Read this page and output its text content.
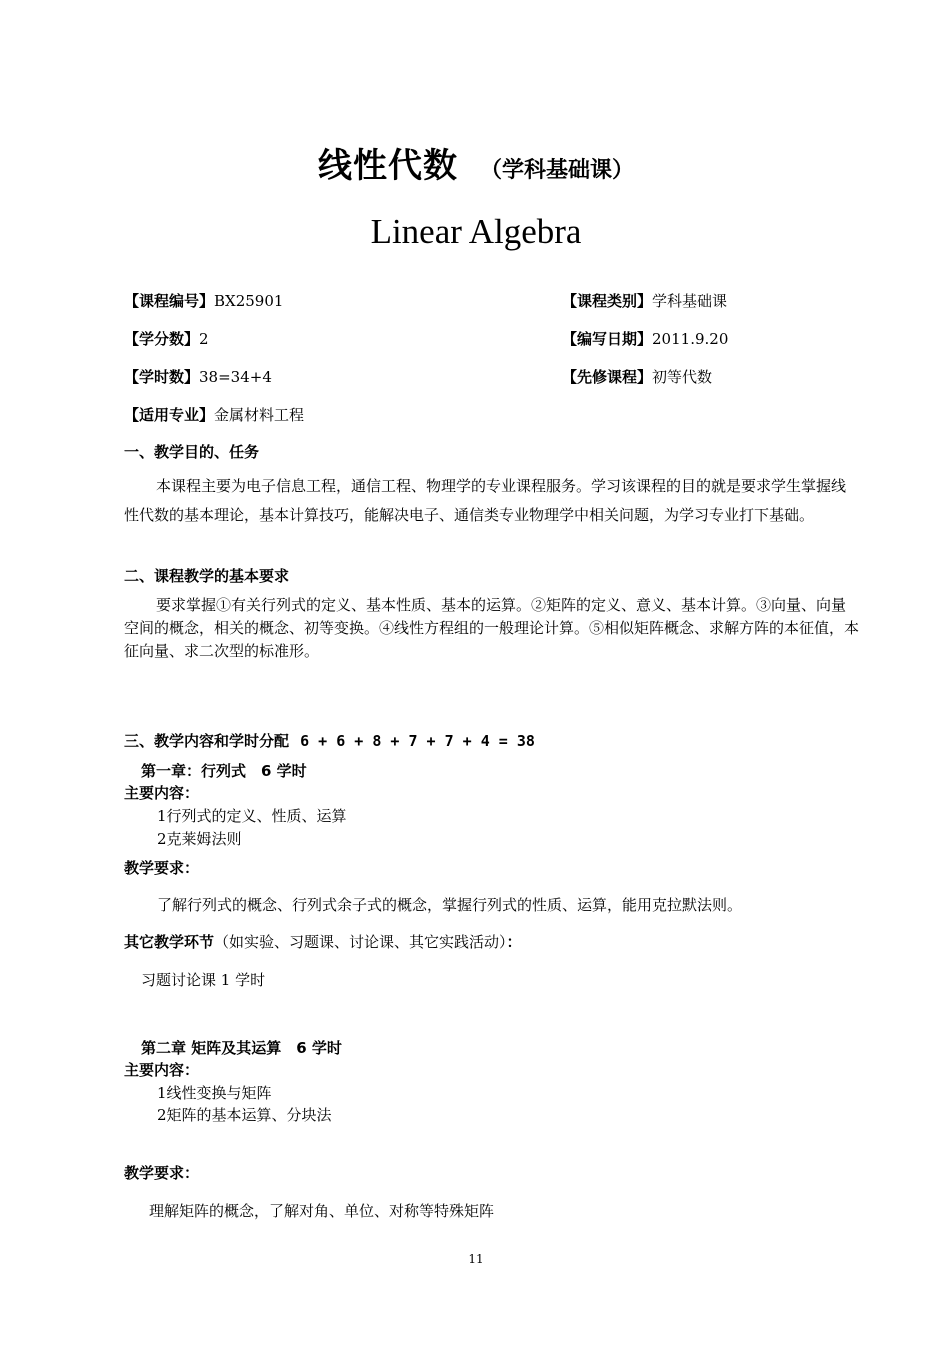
线性代数 （学科基础课）
Linear Algebra
【课程编号】BX25901	【课程类别】学科基础课
【学分数】2	【编写日期】2011.9.20
【学时数】38=34+4	【先修课程】初等代数
【适用专业】金属材料工程
一、教学目的、任务
本课程主要为电子信息工程，通信工程、物理学的专业课程服务。学习该课程的目的就是要求学生掌握线性代数的基本理论，基本计算技巧，能解决电子、通信类专业物理学中相关问题，为学习专业打下基础。
二、课程教学的基本要求
要求掌握①有关行列式的定义、基本性质、基本的运算。②矩阵的定义、意义、基本计算。③向量、向量空间的概念，相关的概念、初等变换。④线性方程组的一般理论计算。⑤相似矩阵概念、求解方阵的本征值，本征向量、求二次型的标准形。
三、教学内容和学时分配 6 + 6 + 8 + 7 + 7 + 4 = 38
第一章：行列式　6 学时
主要内容：
1行列式的定义、性质、运算
2克莱姆法则
教学要求：
了解行列式的概念、行列式余子式的概念，掌握行列式的性质、运算，能用克拉默法则。
其它教学环节（如实验、习题课、讨论课、其它实践活动）：
习题讨论课 1 学时
第二章 矩阵及其运算　6 学时
主要内容：
1线性变换与矩阵
2矩阵的基本运算、分块法
教学要求：
理解矩阵的概念，了解对角、单位、对称等特殊矩阵
11
